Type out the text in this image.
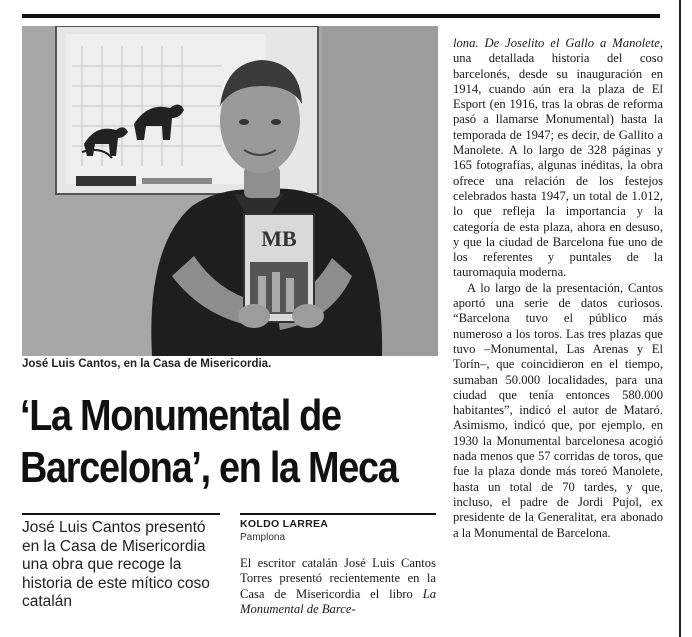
MB
José Luis Cantos, en la Casa de Misericordia.
‘La Monumental de
Barcelona’, en la Meca
José Luis Cantos presentó en la Casa de Misericordia una obra que recoge la historia de este mítico coso catalán
KOLDO LARREA
Pamplona
El escritor catalán José Luis Cantos Torres presentó recientemente en la Casa de Misericordia el libro La Monumental de Barce-

lona. De Joselito el Gallo a Manolete, una detallada historia del coso barcelonés, desde su inauguración en 1914, cuando aún era la plaza de El Esport (en 1916, tras la obras de reforma pasó a llamarse Monumental) hasta la temporada de 1947; es decir, de Gallito a Manolete. A lo largo de 328 páginas y 165 fotografías, algunas inéditas, la obra ofrece una relación de los festejos celebrados hasta 1947, un total de 1.012, lo que refleja la importancia y la categoría de esta plaza, ahora en desuso, y que la ciudad de Barcelona fue uno de los referentes y puntales de la tauromaquia moderna.

A lo largo de la presentación, Cantos aportó una serie de datos curiosos. “Barcelona tuvo el público más numeroso a los toros. Las tres plazas que tuvo –Monumental, Las Arenas y El Torín–, que coincidieron en el tiempo, sumaban 50.000 localidades, para una ciudad que tenía entonces 580.000 habitantes”, indicó el autor de Mataró. Asimismo, indicó que, por ejemplo, en 1930 la Monumental barcelonesa acogió nada menos que 57 corridas de toros, que fue la plaza donde más toreó Manolete, hasta un total de 70 tardes, y que, incluso, el padre de Jordi Pujol, ex presidente de la Generalitat, era abonado a la Monumental de Barcelona.
